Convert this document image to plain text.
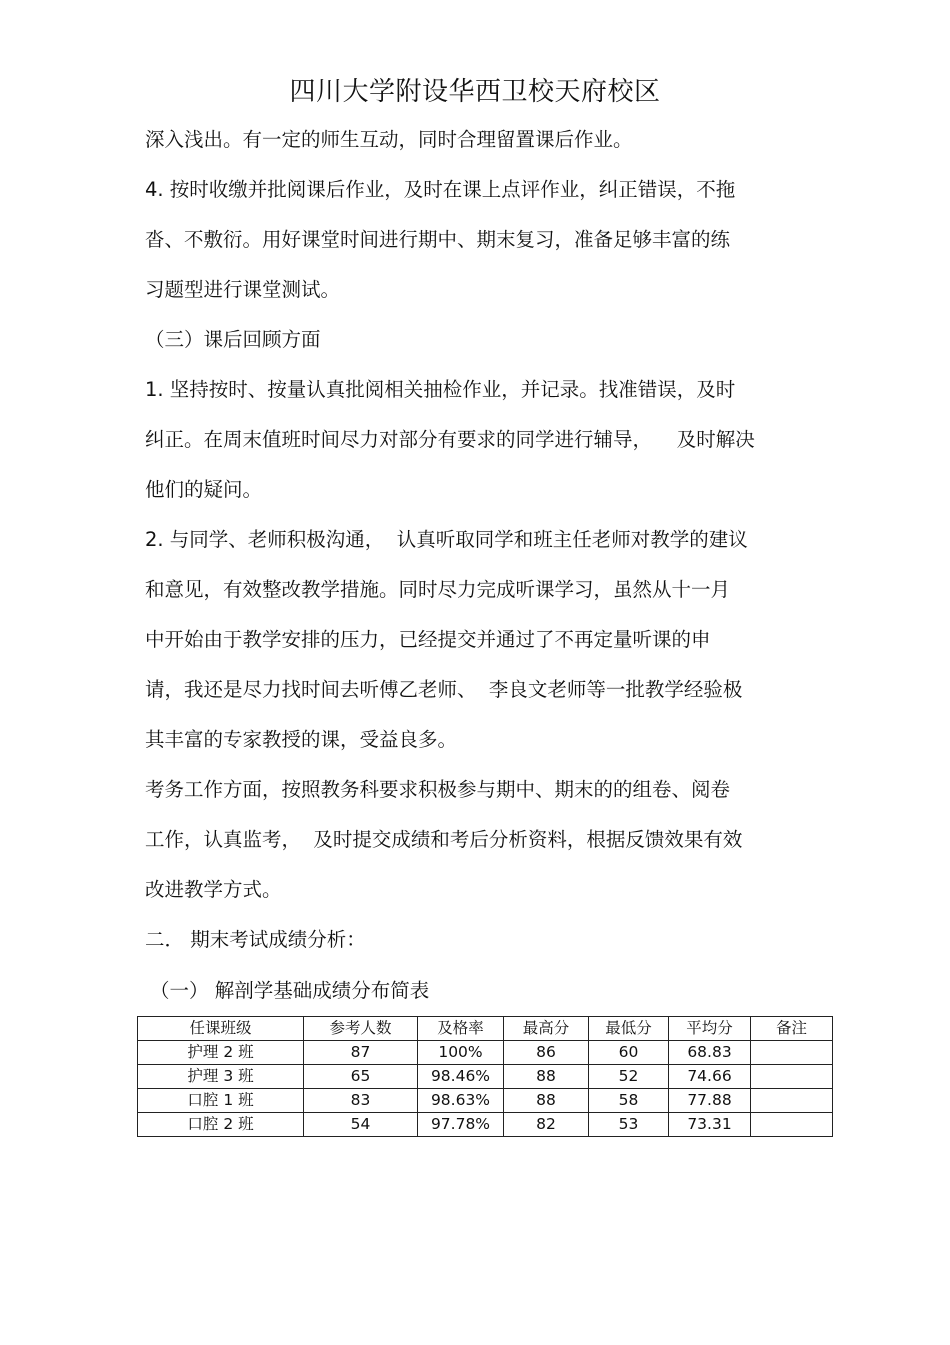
四川大学附设华西卫校天府校区
深入浅出。有一定的师生互动，同时合理留置课后作业。
4. 按时收缴并批阅课后作业，及时在课上点评作业，纠正错误，不拖
沓、不敷衍。用好课堂时间进行期中、期末复习，准备足够丰富的练
习题型进行课堂测试。
（三）课后回顾方面
1. 坚持按时、按量认真批阅相关抽检作业，并记录。找准错误，及时
纠正。在周末值班时间尽力对部分有要求的同学进行辅导，    及时解决
他们的疑问。
2. 与同学、老师积极沟通，  认真听取同学和班主任老师对教学的建议
和意见，有效整改教学措施。同时尽力完成听课学习，虽然从十一月
中开始由于教学安排的压力，已经提交并通过了不再定量听课的申
请，我还是尽力找时间去听傅乙老师、  李良文老师等一批教学经验极
其丰富的专家教授的课，受益良多。
考务工作方面，按照教务科要求积极参与期中、期末的的组卷、阅卷
工作，认真监考，  及时提交成绩和考后分析资料，根据反馈效果有效
改进教学方式。
二． 期末考试成绩分析：
（一） 解剖学基础成绩分布简表
任课班级	参考人数	及格率	最高分	最低分	平均分	备注
护理 2 班	87	100%	86	60	68.83	
护理 3 班	65	98.46%	88	52	74.66	
口腔 1 班	83	98.63%	88	58	77.88	
口腔 2 班	54	97.78%	82	53	73.31	
